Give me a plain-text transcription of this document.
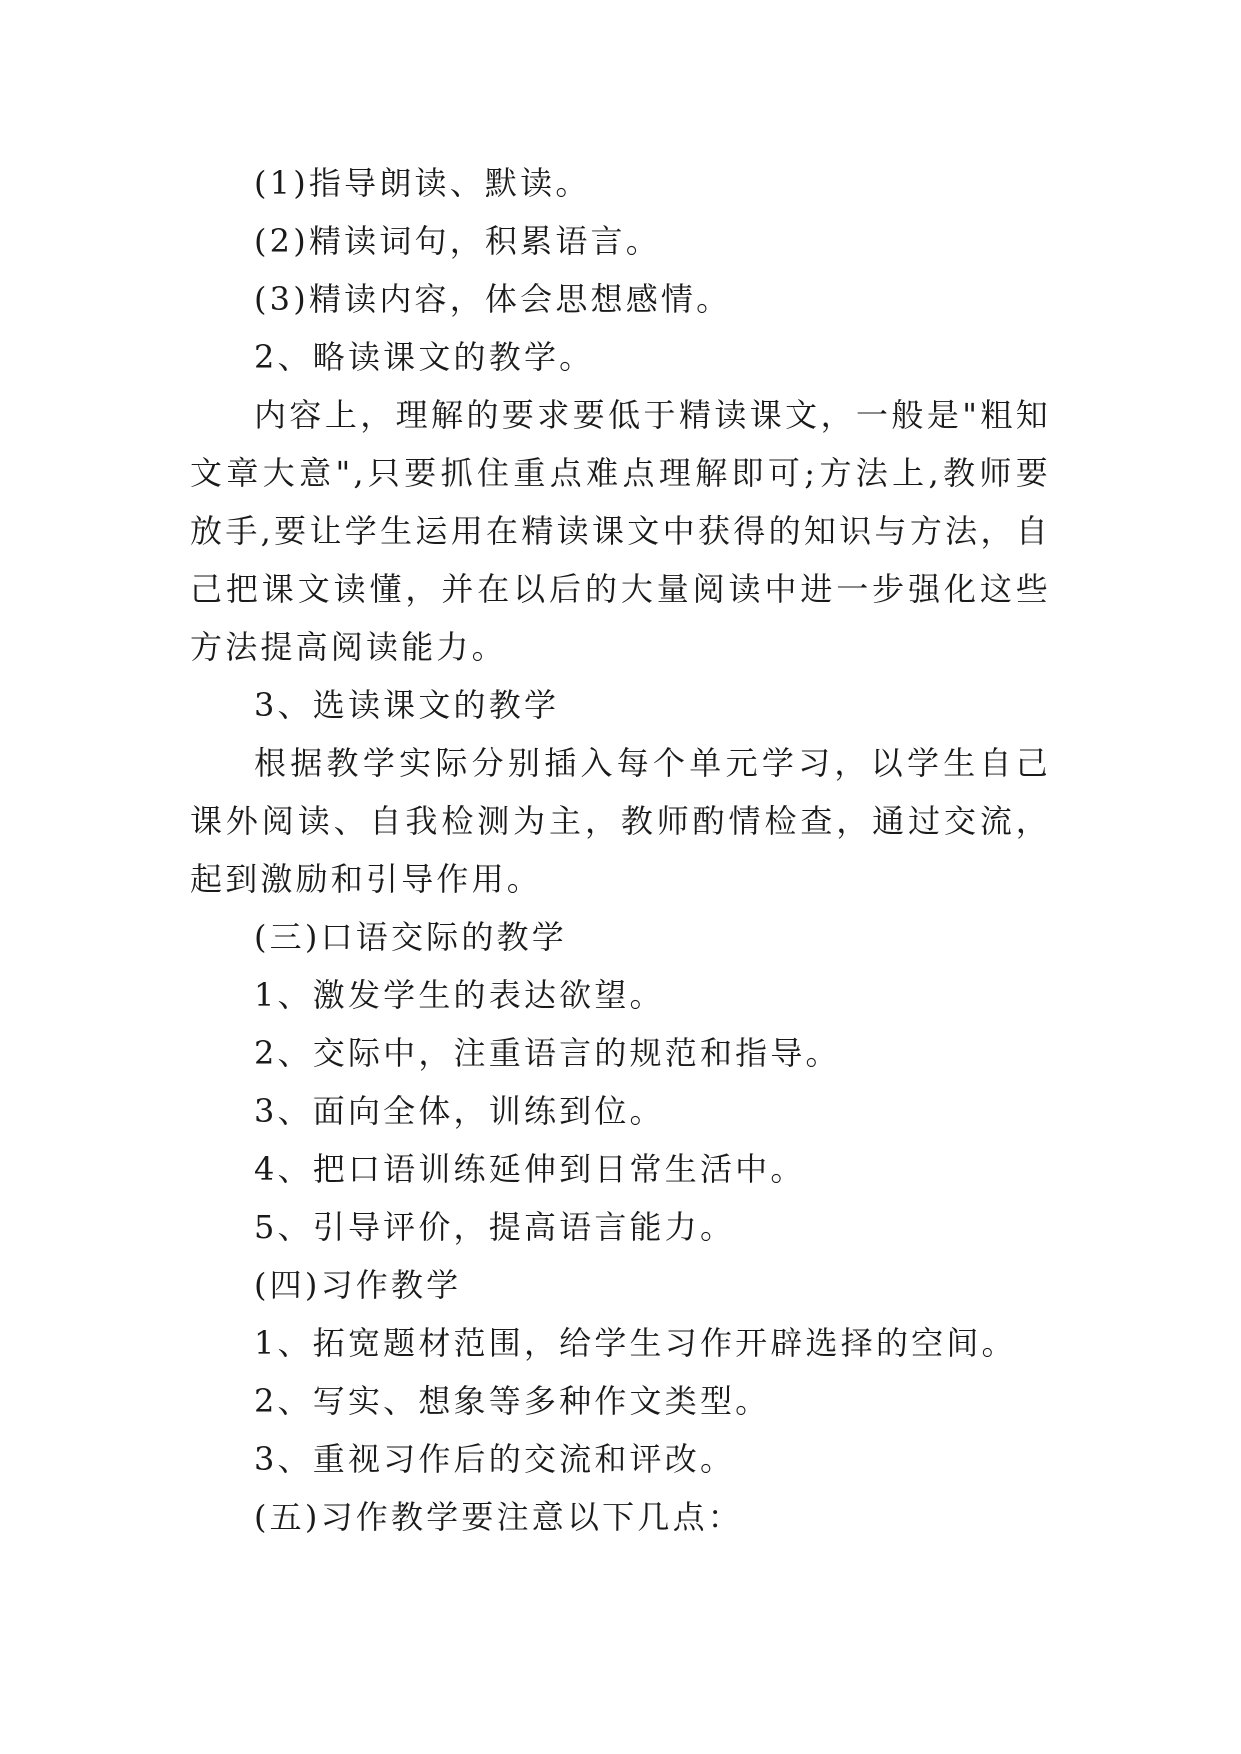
(1)指导朗读、默读。

(2)精读词句，积累语言。

(3)精读内容，体会思想感情。

2、略读课文的教学。

内容上，理解的要求要低于精读课文，一般是"粗知文章大意",只要抓住重点难点理解即可;方法上,教师要放手,要让学生运用在精读课文中获得的知识与方法，自己把课文读懂，并在以后的大量阅读中进一步强化这些方法提高阅读能力。

3、选读课文的教学

根据教学实际分别插入每个单元学习，以学生自己课外阅读、自我检测为主，教师酌情检查，通过交流，起到激励和引导作用。

(三)口语交际的教学

1、激发学生的表达欲望。

2、交际中，注重语言的规范和指导。

3、面向全体，训练到位。

4、把口语训练延伸到日常生活中。

5、引导评价，提高语言能力。

(四)习作教学

1、拓宽题材范围，给学生习作开辟选择的空间。

2、写实、想象等多种作文类型。

3、重视习作后的交流和评改。

(五)习作教学要注意以下几点：
